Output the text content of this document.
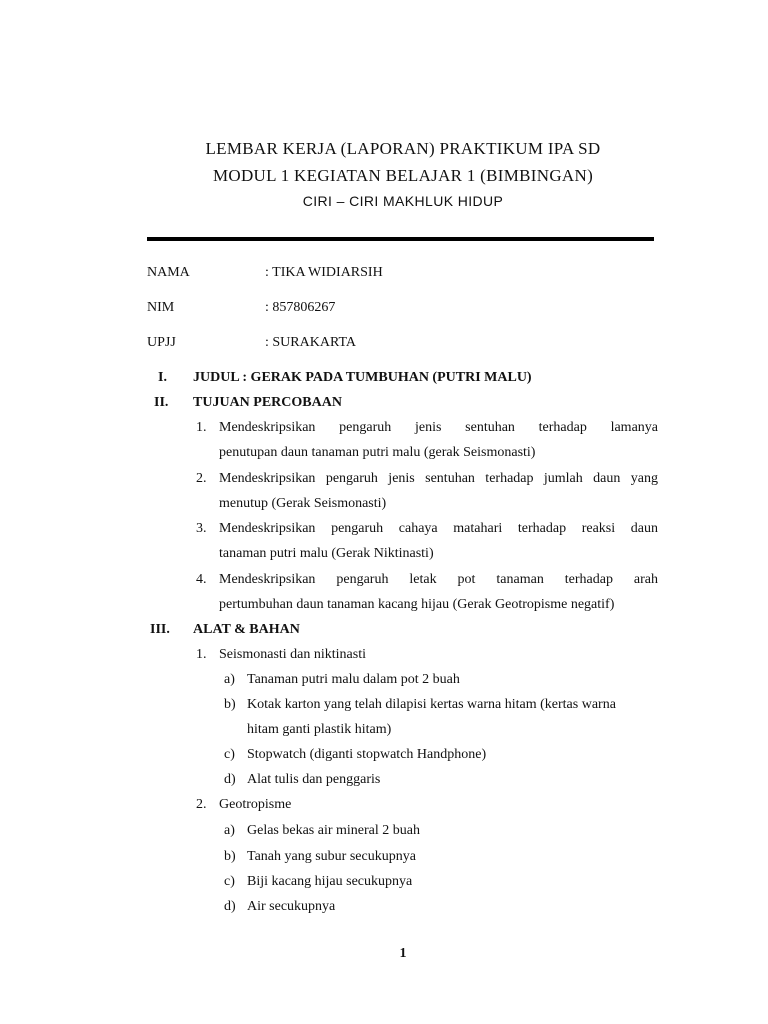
LEMBAR KERJA (LAPORAN) PRAKTIKUM IPA SD
MODUL 1 KEGIATAN BELAJAR 1 (BIMBINGAN)
CIRI – CIRI MAKHLUK HIDUP
NAMA	: TIKA WIDIARSIH
NIM	: 857806267
UPJJ	: SURAKARTA
I. JUDUL : GERAK PADA TUMBUHAN (PUTRI MALU)
II. TUJUAN PERCOBAAN
1. Mendeskripsikan pengaruh jenis sentuhan terhadap lamanya
penutupan daun tanaman putri malu (gerak Seismonasti)
2. Mendeskripsikan pengaruh jenis sentuhan terhadap jumlah daun yang
menutup (Gerak Seismonasti)
3. Mendeskripsikan pengaruh cahaya matahari terhadap reaksi daun
tanaman putri malu (Gerak Niktinasti)
4. Mendeskripsikan pengaruh letak pot tanaman terhadap arah
pertumbuhan daun tanaman kacang hijau (Gerak Geotropisme negatif)
III. ALAT & BAHAN
1. Seismonasti dan niktinasti
a) Tanaman putri malu dalam pot 2 buah
b) Kotak karton yang telah dilapisi kertas warna hitam (kertas warna
hitam ganti plastik hitam)
c) Stopwatch (diganti stopwatch Handphone)
d) Alat tulis dan penggaris
2. Geotropisme
a) Gelas bekas air mineral 2 buah
b) Tanah yang subur secukupnya
c) Biji kacang hijau secukupnya
d) Air secukupnya
1
